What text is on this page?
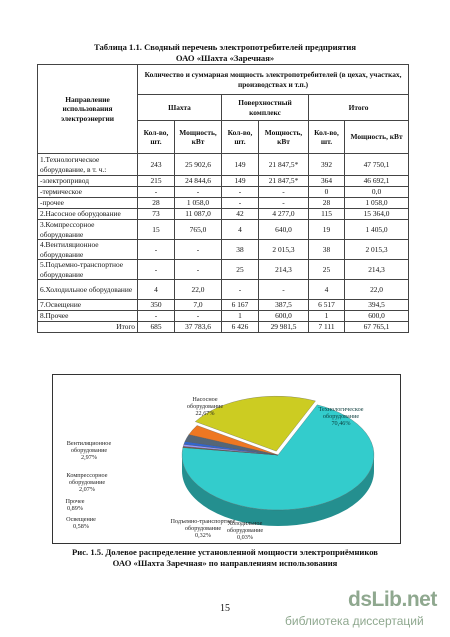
Таблица 1.1. Сводный перечень электропотребителей предприятия
ОАО «Шахта «Заречная»
Направление использования электроэнергии	Количество и суммарная мощность электропотребителей (в цехах, участках, производствах и т.п.)					
	Шахта		Поверхностный комплекс		Итого	
	Кол-во, шт.	Мощность, кВт	Кол-во, шт.	Мощность, кВт	Кол-во, шт.	Мощность, кВт
1.Технологическое оборудование, в т. ч.:	243	25 902,6	149	21 847,5*	392	47 750,1
-электропривод	215	24 844,6	149	21 847,5*	364	46 692,1
-термическое	-	-	-	-	0	0,0
-прочее	28	1 058,0	-	-	28	1 058,0
2.Насосное оборудование	73	11 087,0	42	4 277,0	115	15 364,0
3.Компрессорное оборудование	15	765,0	4	640,0	19	1 405,0
4.Вентиляционное оборудование	-	-	38	2 015,3	38	2 015,3
5.Подъемно-транспортное оборудование	-	-	25	214,3	25	214,3
6.Холодильное оборудование	4	22,0	-	-	4	22,0
7.Освещение	350	7,0	6 167	387,5	6 517	394,5
8.Прочее	-	-	1	600,0	1	600,0
Итого	685	37 783,6	6 426	29 981,5	7 111	67 765,1
Технологическое оборудование 70,46%
Холодильное оборудование 0,03%
Подъемно-транспортное оборудование 0,32%
Освещение 0,58%
Прочее 0,89%
Компрессорное оборудование 2,07%
Вентиляционное оборудование 2,97%
Насосное оборудование 22,67%
Рис. 1.5. Долевое распределение установленной мощности электроприёмников
ОАО «Шахта Заречная» по направлениям использования
15	dsLib.net
библиотека диссертаций
